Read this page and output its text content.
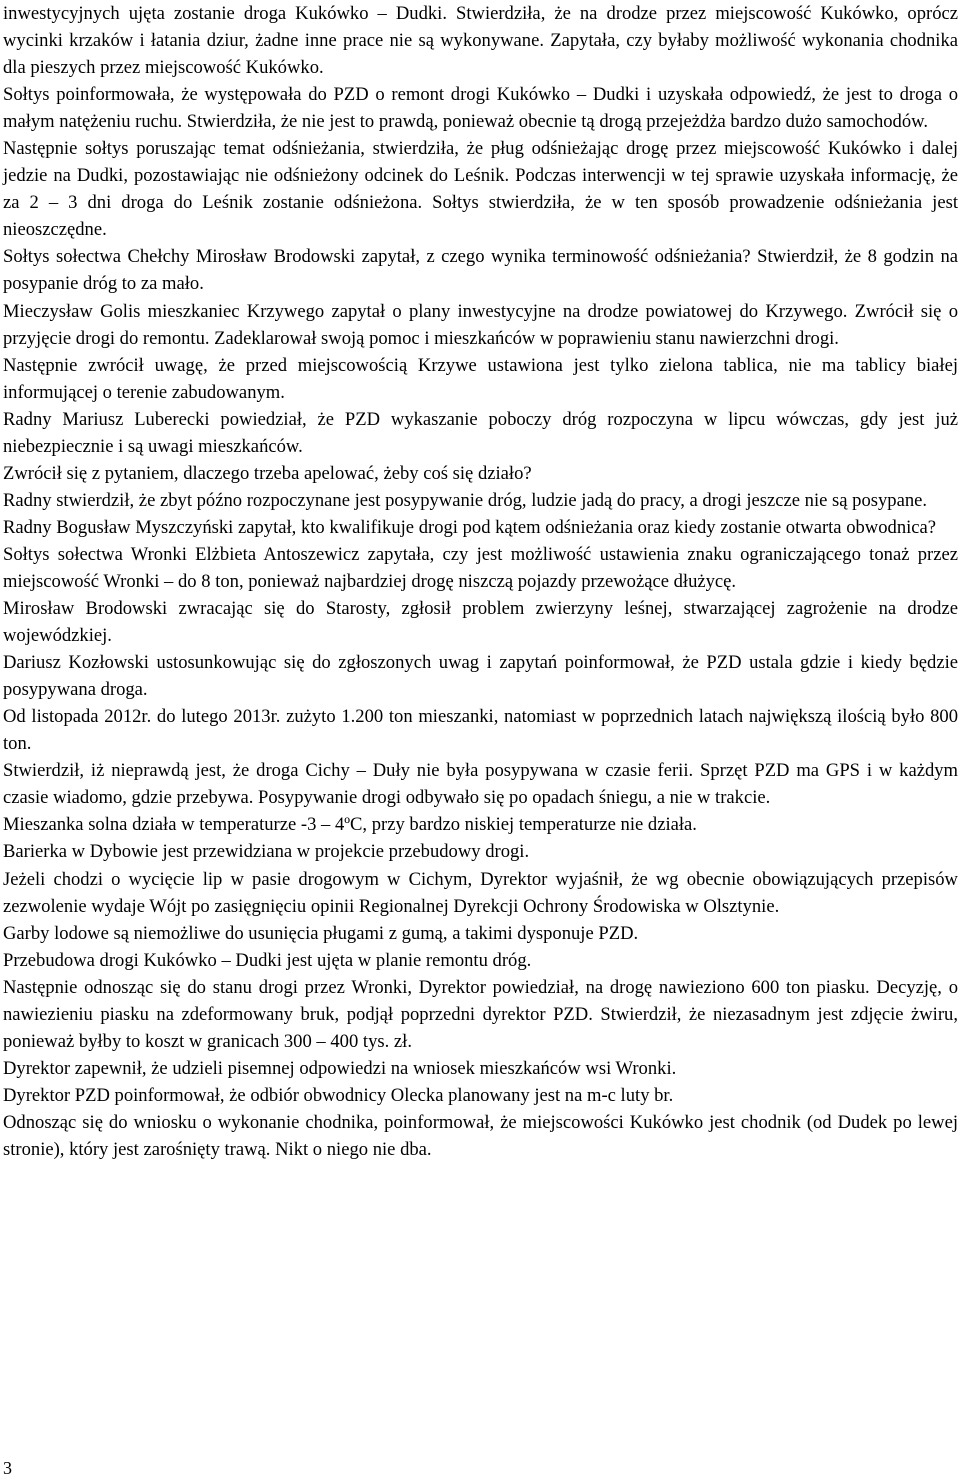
inwestycyjnych ujęta zostanie droga Kukówko – Dudki. Stwierdziła, że na drodze przez miejscowość Kukówko, oprócz wycinki krzaków i łatania dziur, żadne inne prace nie są wykonywane. Zapytała, czy byłaby możliwość wykonania chodnika dla pieszych przez miejscowość Kukówko.

Sołtys poinformowała, że występowała do PZD o remont drogi Kukówko – Dudki i uzyskała odpowiedź, że jest to droga o małym natężeniu ruchu. Stwierdziła, że nie jest to prawdą, ponieważ obecnie tą drogą przejeżdża bardzo dużo samochodów.

Następnie sołtys poruszając temat odśnieżania, stwierdziła, że pług odśnieżając drogę przez miejscowość Kukówko i dalej jedzie na Dudki, pozostawiając nie odśnieżony odcinek do Leśnik. Podczas interwencji w tej sprawie uzyskała informację, że za 2 – 3 dni droga do Leśnik zostanie odśnieżona. Sołtys stwierdziła, że w ten sposób prowadzenie odśnieżania jest nieoszczędne.

Sołtys sołectwa Chełchy Mirosław Brodowski zapytał, z czego wynika terminowość odśnieżania? Stwierdził, że 8 godzin na posypanie dróg to za mało.

Mieczysław Golis mieszkaniec Krzywego zapytał o plany inwestycyjne na drodze powiatowej do Krzywego. Zwrócił się o przyjęcie drogi do remontu. Zadeklarował swoją pomoc i mieszkańców w poprawieniu stanu nawierzchni drogi.

Następnie zwrócił uwagę, że przed miejscowością Krzywe ustawiona jest tylko zielona tablica, nie ma tablicy białej informującej o terenie zabudowanym.

Radny Mariusz Luberecki powiedział, że PZD wykaszanie poboczy dróg rozpoczyna w lipcu wówczas, gdy jest już niebezpiecznie i są uwagi mieszkańców.

Zwrócił się z pytaniem, dlaczego trzeba apelować, żeby coś się działo?

Radny stwierdził, że zbyt późno rozpoczynane jest posypywanie dróg, ludzie jadą do pracy, a drogi jeszcze nie są posypane.

Radny Bogusław Myszczyński zapytał, kto kwalifikuje drogi pod kątem odśnieżania oraz kiedy zostanie otwarta obwodnica?

Sołtys sołectwa Wronki Elżbieta Antoszewicz zapytała, czy jest możliwość ustawienia znaku ograniczającego tonaż przez miejscowość Wronki – do 8 ton, ponieważ najbardziej drogę niszczą pojazdy przewożące dłużycę.

Mirosław Brodowski zwracając się do Starosty, zgłosił problem zwierzyny leśnej, stwarzającej zagrożenie na drodze wojewódzkiej.

Dariusz Kozłowski ustosunkowując się do zgłoszonych uwag i zapytań poinformował, że PZD ustala gdzie i kiedy będzie posypywana droga.

Od listopada 2012r. do lutego 2013r. zużyto 1.200 ton mieszanki, natomiast w poprzednich latach największą ilością było 800 ton.

Stwierdził, iż nieprawdą jest, że droga Cichy – Duły nie była posypywana w czasie ferii. Sprzęt PZD ma GPS i w każdym czasie wiadomo, gdzie przebywa. Posypywanie drogi odbywało się po opadach śniegu, a nie w trakcie.

Mieszanka solna działa w temperaturze -3 – 4ºC, przy bardzo niskiej temperaturze nie działa.

Barierka w Dybowie jest przewidziana w projekcie przebudowy drogi.

Jeżeli chodzi o wycięcie lip w pasie drogowym w Cichym, Dyrektor wyjaśnił, że wg obecnie obowiązujących przepisów zezwolenie wydaje Wójt po zasięgnięciu opinii Regionalnej Dyrekcji Ochrony Środowiska w Olsztynie.

Garby lodowe są niemożliwe do usunięcia pługami z gumą, a takimi dysponuje PZD.

Przebudowa drogi Kukówko – Dudki jest ujęta w planie remontu dróg.

Następnie odnosząc się do stanu drogi przez Wronki, Dyrektor powiedział, na drogę nawieziono 600 ton piasku. Decyzję, o nawiezieniu piasku na zdeformowany bruk, podjął poprzedni dyrektor PZD. Stwierdził, że niezasadnym jest zdjęcie żwiru, ponieważ byłby to koszt w granicach 300 – 400 tys. zł.

Dyrektor zapewnił, że udzieli pisemnej odpowiedzi na wniosek mieszkańców wsi Wronki.

Dyrektor PZD poinformował, że odbiór obwodnicy Olecka planowany jest na m-c luty br.

Odnosząc się do wniosku o wykonanie chodnika, poinformował, że miejscowości Kukówko jest chodnik (od Dudek po lewej stronie), który jest zarośnięty trawą. Nikt o niego nie dba.

3
